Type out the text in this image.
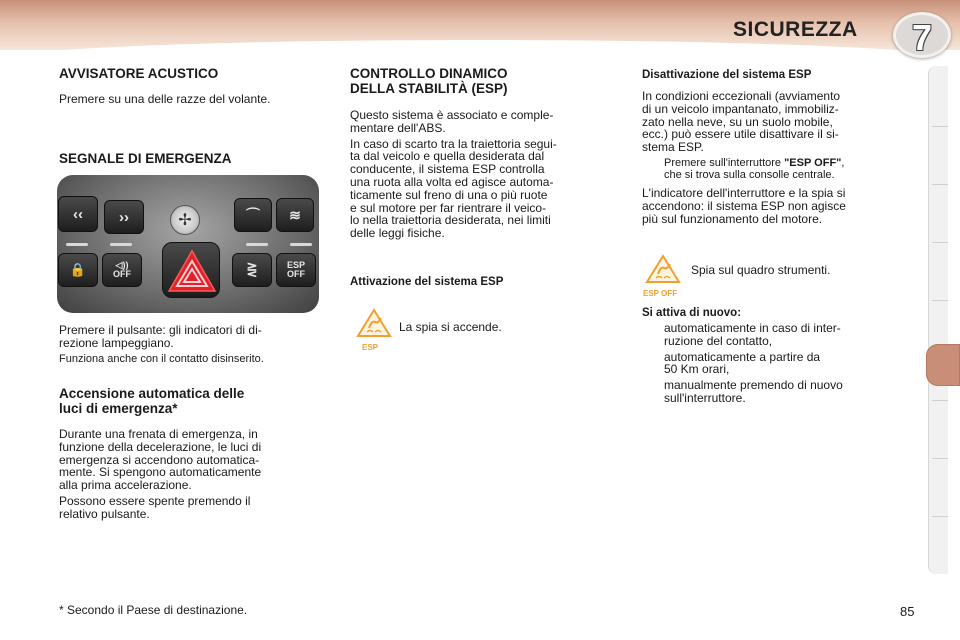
SICUREZZA	7
AVVISATORE ACUSTICO
Premere su una delle razze del volante.
SEGNALE DI EMERGENZA
‹‹	››	✢	⌒	≋
🔒	◁))
OFF	⋛	ESP
OFF
Premere il pulsante: gli indicatori di di-
rezione lampeggiano.
Funziona anche con il contatto disinserito.
Accensione automatica delle
luci di emergenza*
Durante una frenata di emergenza, in
funzione della decelerazione, le luci di
emergenza si accendono automatica-
mente. Si spengono automaticamente
alla prima accelerazione.
Possono essere spente premendo il
relativo pulsante.
* Secondo il Paese di destinazione.
CONTROLLO DINAMICO
DELLA STABILITÀ (ESP)
Questo sistema è associato e comple-
mentare dell'ABS.
In caso di scarto tra la traiettoria segui-
ta dal veicolo e quella desiderata dal
conducente, il sistema ESP controlla
una ruota alla volta ed agisce automa-
ticamente sul freno di una o più ruote
e sul motore per far rientrare il veico-
lo nella traiettoria desiderata, nei limiti
delle leggi fisiche.
Attivazione del sistema ESP
ESP
La spia si accende.
Disattivazione del sistema ESP
In condizioni eccezionali (avviamento
di un veicolo impantanato, immobiliz-
zato nella neve, su un suolo mobile,
ecc.) può essere utile disattivare il si-
stema ESP.
Premere sull'interruttore "ESP OFF",
che si trova sulla consolle centrale.
L'indicatore dell'interruttore e la spia si
accendono: il sistema ESP non agisce
più sul funzionamento del motore.
ESP OFF
Spia sul quadro strumenti.
Si attiva di nuovo:
automaticamente in caso di inter-
ruzione del contatto,
automaticamente a partire da
50 Km orari,
manualmente premendo di nuovo
sull'interruttore.
85
